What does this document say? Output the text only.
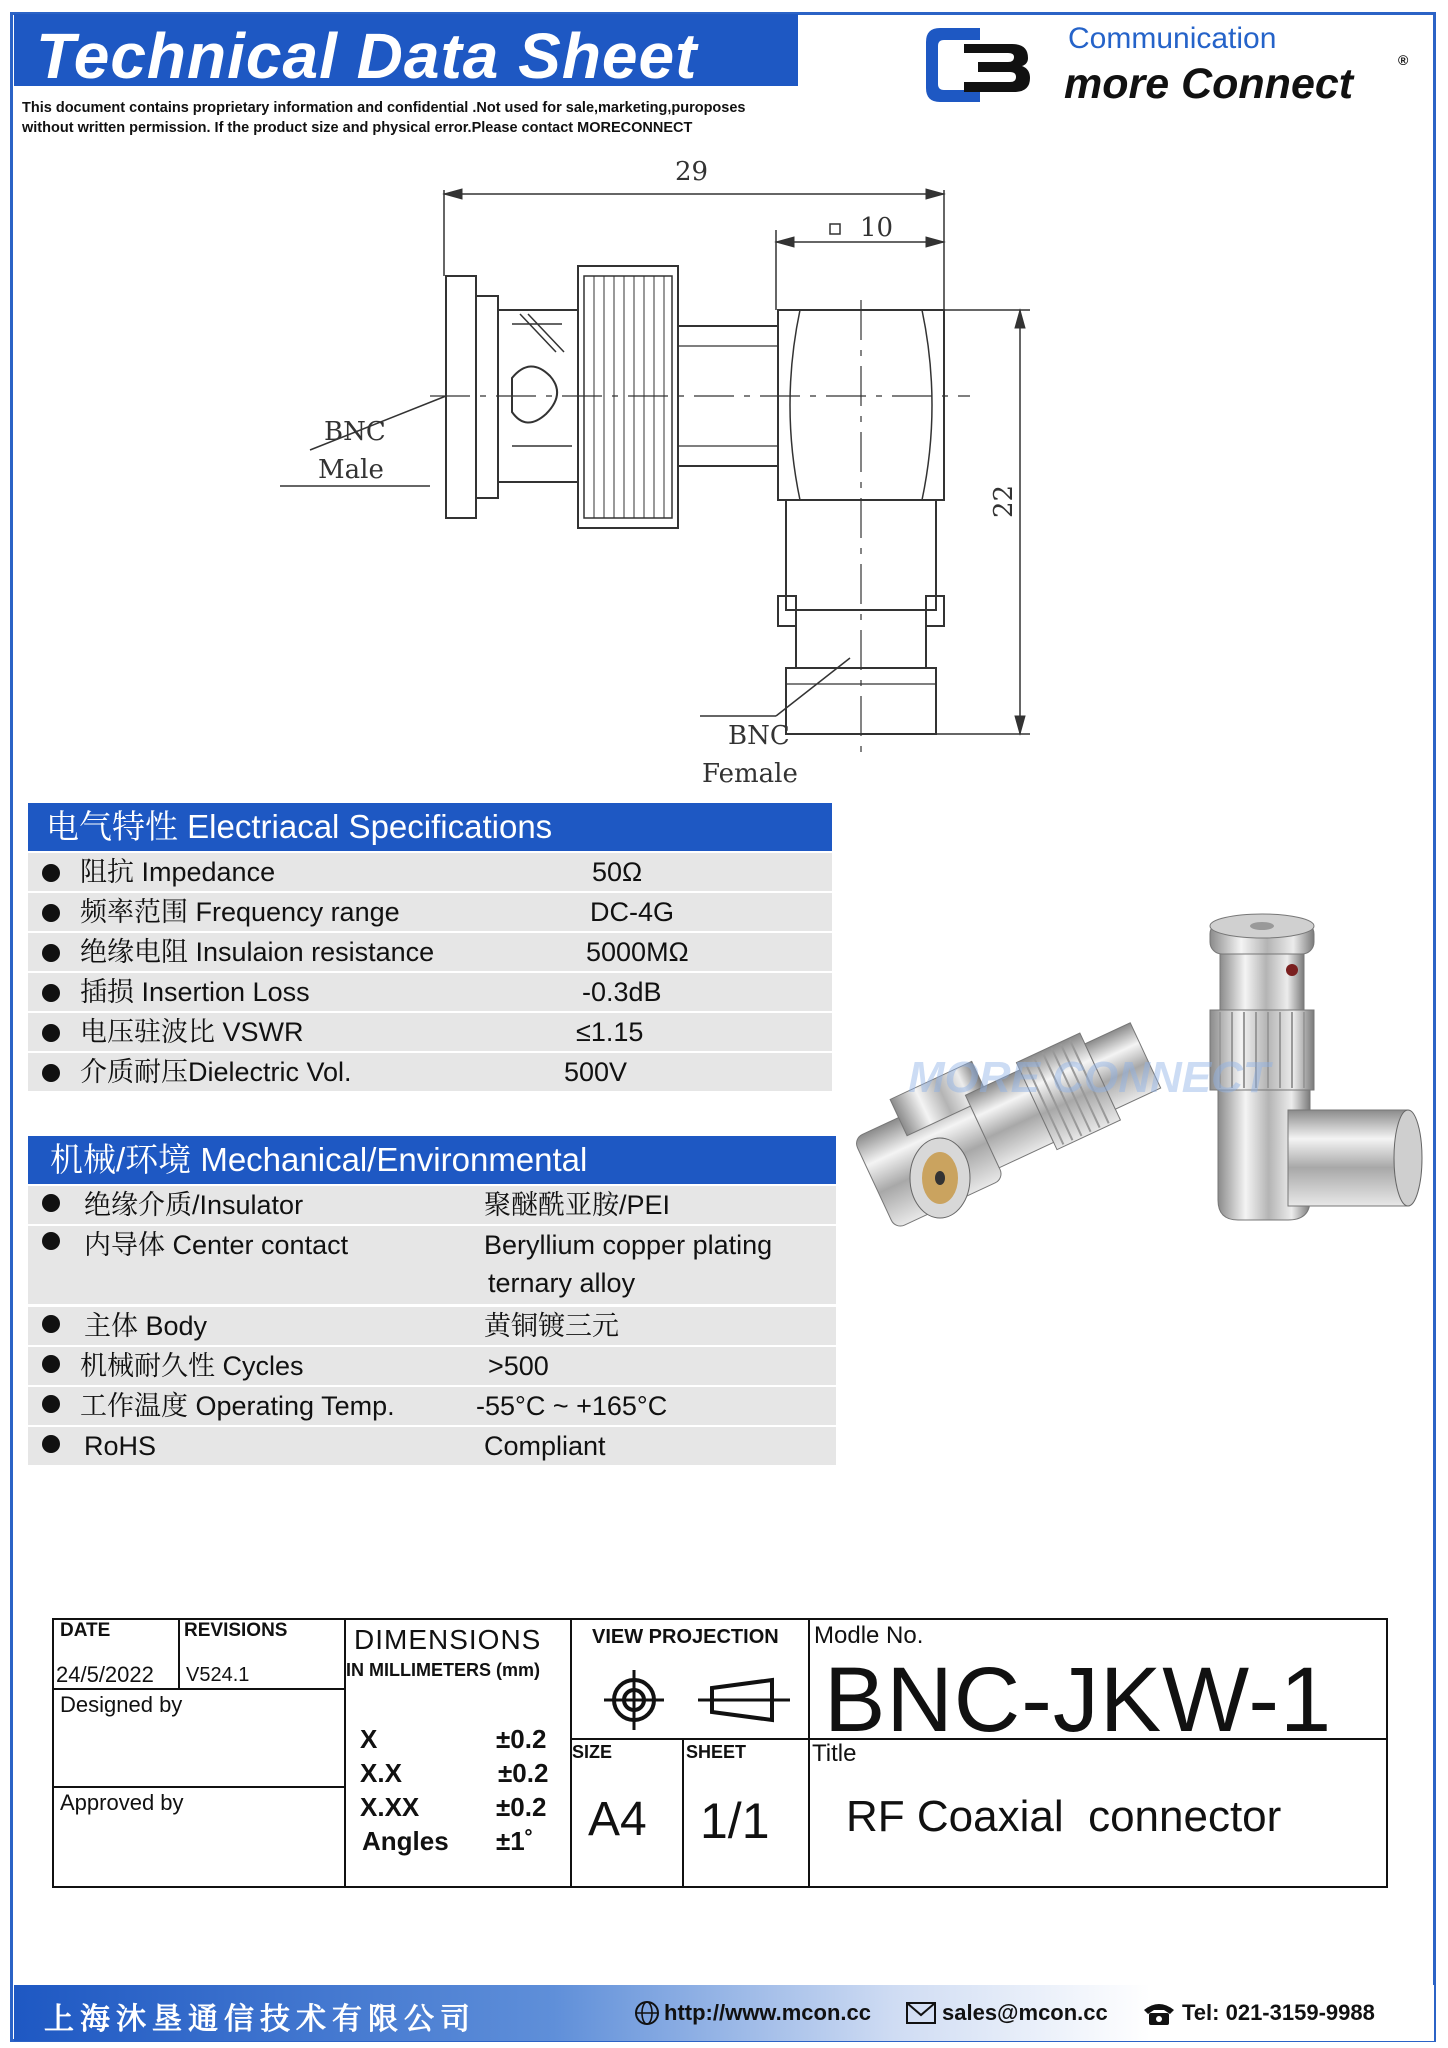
Technical Data Sheet
This document contains proprietary information and confidential .Not used for sale,marketing,puroposes
without written permission. If the product size and physical error.Please contact MORECONNECT
Communication
more Connect	®
29
10
22
BNC
Male
BNC
Female
电气特性 Electriacal Specifications
阻抗 Impedance	50Ω
频率范围 Frequency range	DC-4G
绝缘电阻 Insulaion resistance	5000MΩ
插损 Insertion Loss	-0.3dB
电压驻波比 VSWR	≤1.15
介质耐压Dielectric Vol.	500V
机械/环境 Mechanical/Environmental
绝缘介质/Insulator	聚醚酰亚胺/PEI
内导体 Center contact	Beryllium copper plating
ternary alloy
主体 Body	黄铜镀三元
机械耐久性 Cycles	>500
工作温度 Operating Temp.	-55°C ~ +165°C
RoHS	Compliant
MORE CONNECT
DATE
24/5/2022
REVISIONS
V524.1
Designed by
Approved by
DIMENSIONS
IN MILLIMETERS (mm)
X	±0.2
X.X	±0.2
X.XX	±0.2
Angles ±1˚
VIEW PROJECTION
SIZE
A4
SHEET
1/1
Modle No.
BNC-JKW-1
Title
RF Coaxial  connector
上海沐垦通信技术有限公司	http://www.mcon.cc	sales@mcon.cc	Tel: 021-3159-9988
